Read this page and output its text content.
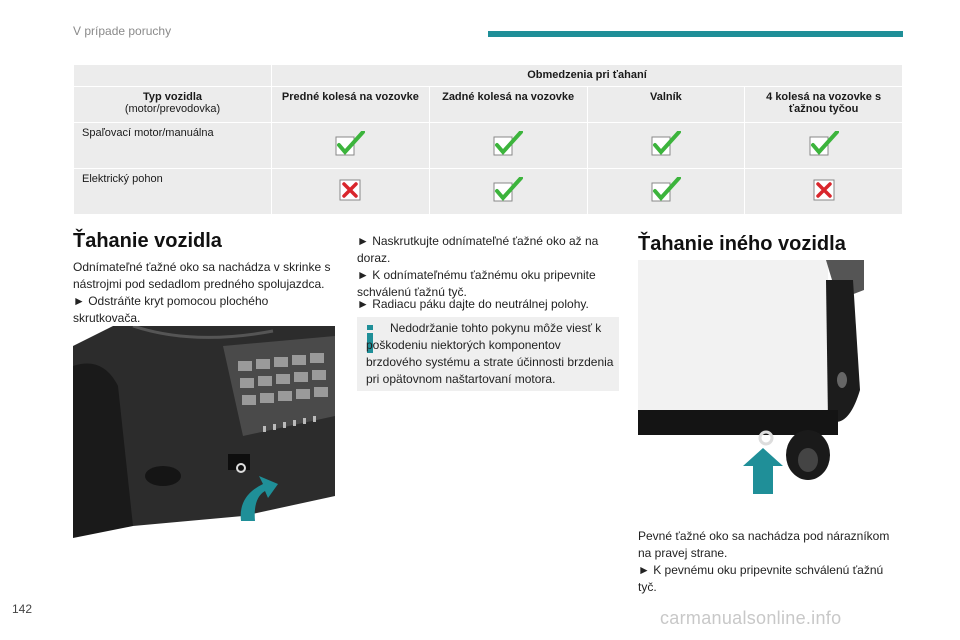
V prípade poruchy
	Obmedzenia pri ťahaní			

Typ vozidla
(motor/prevodovka)	Predné kolesá na vozovke	Zadné kolesá na vozovke	Valník	4 kolesá na vozovke s ťažnou tyčou
Spaľovací motor/manuálna				
Elektrický pohon				
Ťahanie vozidla
Odnímateľné ťažné oko sa nachádza v skrinke s nástrojmi pod sedadlom predného spolujazdca.
► Odstráňte kryt pomocou plochého skrutkovača.
► Naskrutkujte odnímateľné ťažné oko až na doraz.
► K odnímateľnému ťažnému oku pripevnite schválenú ťažnú tyč.
► Radiacu páku dajte do neutrálnej polohy.
Nedodržanie tohto pokynu môže viesť k poškodeniu niektorých komponentov brzdového systému a strate účinnosti brzdenia pri opätovnom naštartovaní motora.
Ťahanie iného vozidla
Pevné ťažné oko sa nachádza pod nárazníkom na pravej strane.
► K pevnému oku pripevnite schválenú ťažnú tyč.
142	carmanualsonline.info
